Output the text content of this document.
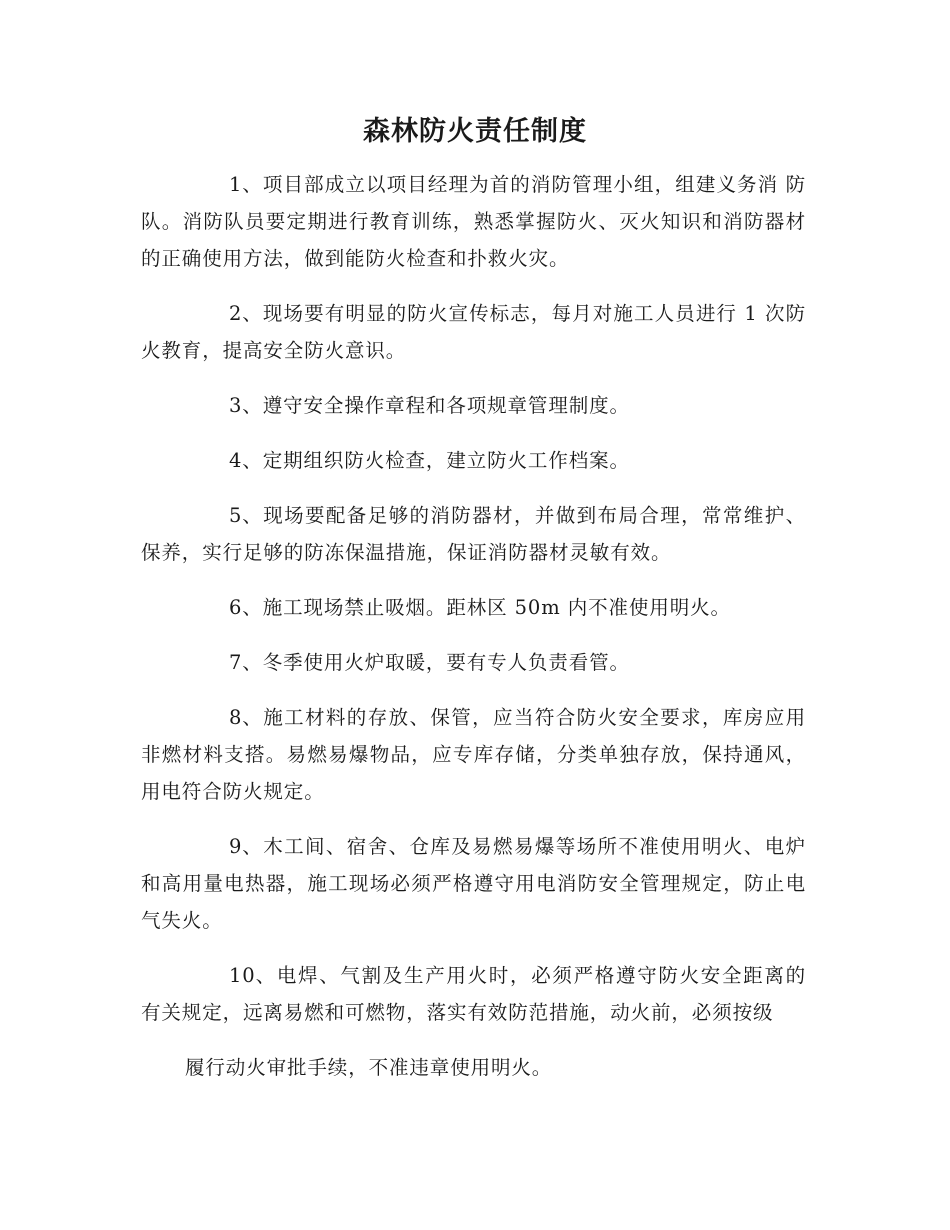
森林防火责任制度

1、项目部成立以项目经理为首的消防管理小组，组建义务消 防队。消防队员要定期进行教育训练，熟悉掌握防火、灭火知识和消防器材的正确使用方法，做到能防火检查和扑救火灾。

2、现场要有明显的防火宣传标志，每月对施工人员进行 1 次防火教育，提高安全防火意识。

3、遵守安全操作章程和各项规章管理制度。

4、定期组织防火检查，建立防火工作档案。

5、现场要配备足够的消防器材，并做到布局合理，常常维护、保养，实行足够的防冻保温措施，保证消防器材灵敏有效。

6、施工现场禁止吸烟。距林区 50m 内不准使用明火。

7、冬季使用火炉取暖，要有专人负责看管。

8、施工材料的存放、保管，应当符合防火安全要求，库房应用非燃材料支搭。易燃易爆物品，应专库存储，分类单独存放，保持通风，用电符合防火规定。

9、木工间、宿舍、仓库及易燃易爆等场所不准使用明火、电炉和高用量电热器，施工现场必须严格遵守用电消防安全管理规定，防止电气失火。

10、电焊、气割及生产用火时，必须严格遵守防火安全距离的有关规定，远离易燃和可燃物，落实有效防范措施，动火前，必须按级

履行动火审批手续，不准违章使用明火。
